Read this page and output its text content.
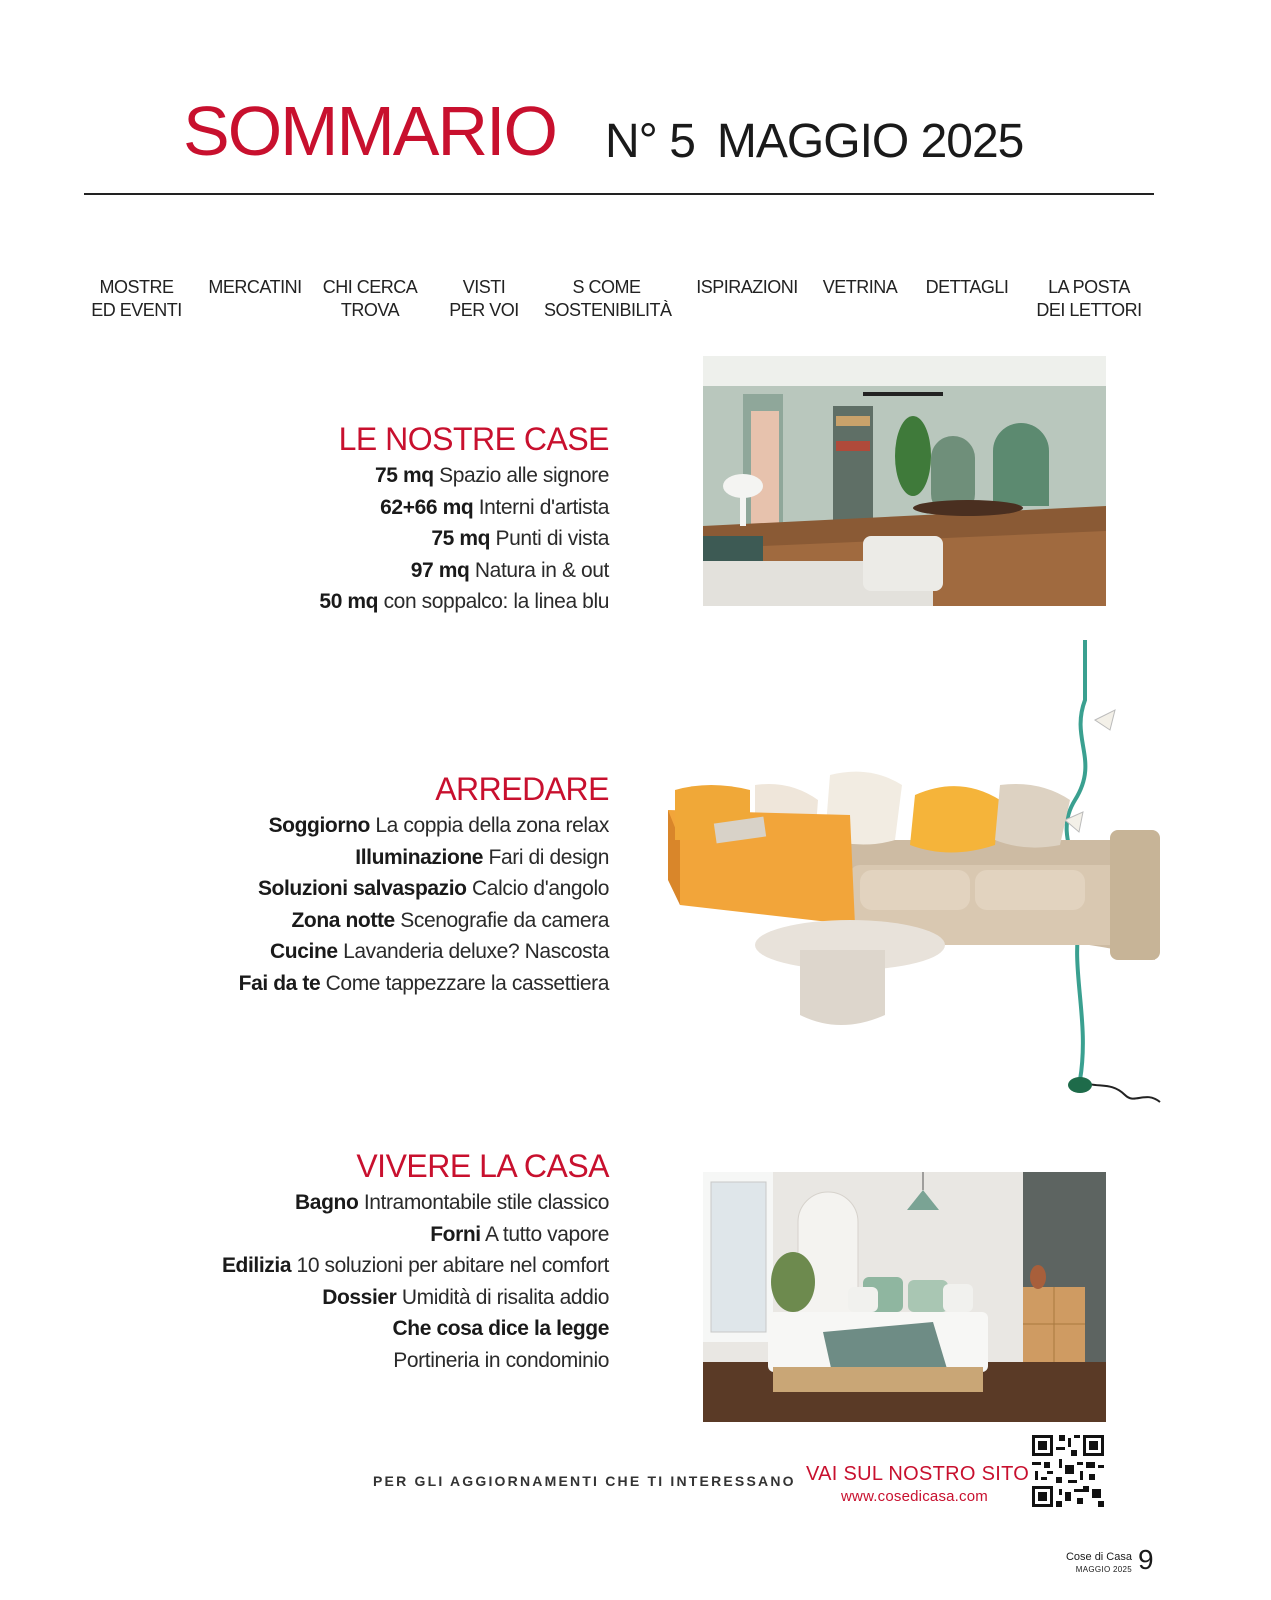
SOMMARIO N° 5 MAGGIO 2025
MOSTRE
ED EVENTI
MERCATINI CHI CERCA
TROVA
VISTI
PER VOI
S COME
SOSTENIBILITÀ
ISPIRAZIONI VETRINA DETTAGLI	LA POSTA
DEI LETTORI
LE NOSTRE CASE
75 mq Spazio alle signore
62+66 mq Interni d'artista
75 mq Punti di vista
97 mq Natura in & out
50 mq con soppalco: la linea blu
ARREDARE
Soggiorno La coppia della zona relax
Illuminazione Fari di design
Soluzioni salvaspazio Calcio d'angolo
Zona notte Scenografie da camera
Cucine Lavanderia deluxe? Nascosta
Fai da te Come tappezzare la cassettiera
VIVERE LA CASA
Bagno Intramontabile stile classico
Forni A tutto vapore
Edilizia 10 soluzioni per abitare nel comfort
Dossier Umidità di risalita addio
Che cosa dice la legge
Portineria in condominio
PER GLI AGGIORNAMENTI CHE TI INTERESSANO VAI SUL NOSTRO SITO
www.cosedicasa.com
Cose di Casa
MAGGIO 2025 9
